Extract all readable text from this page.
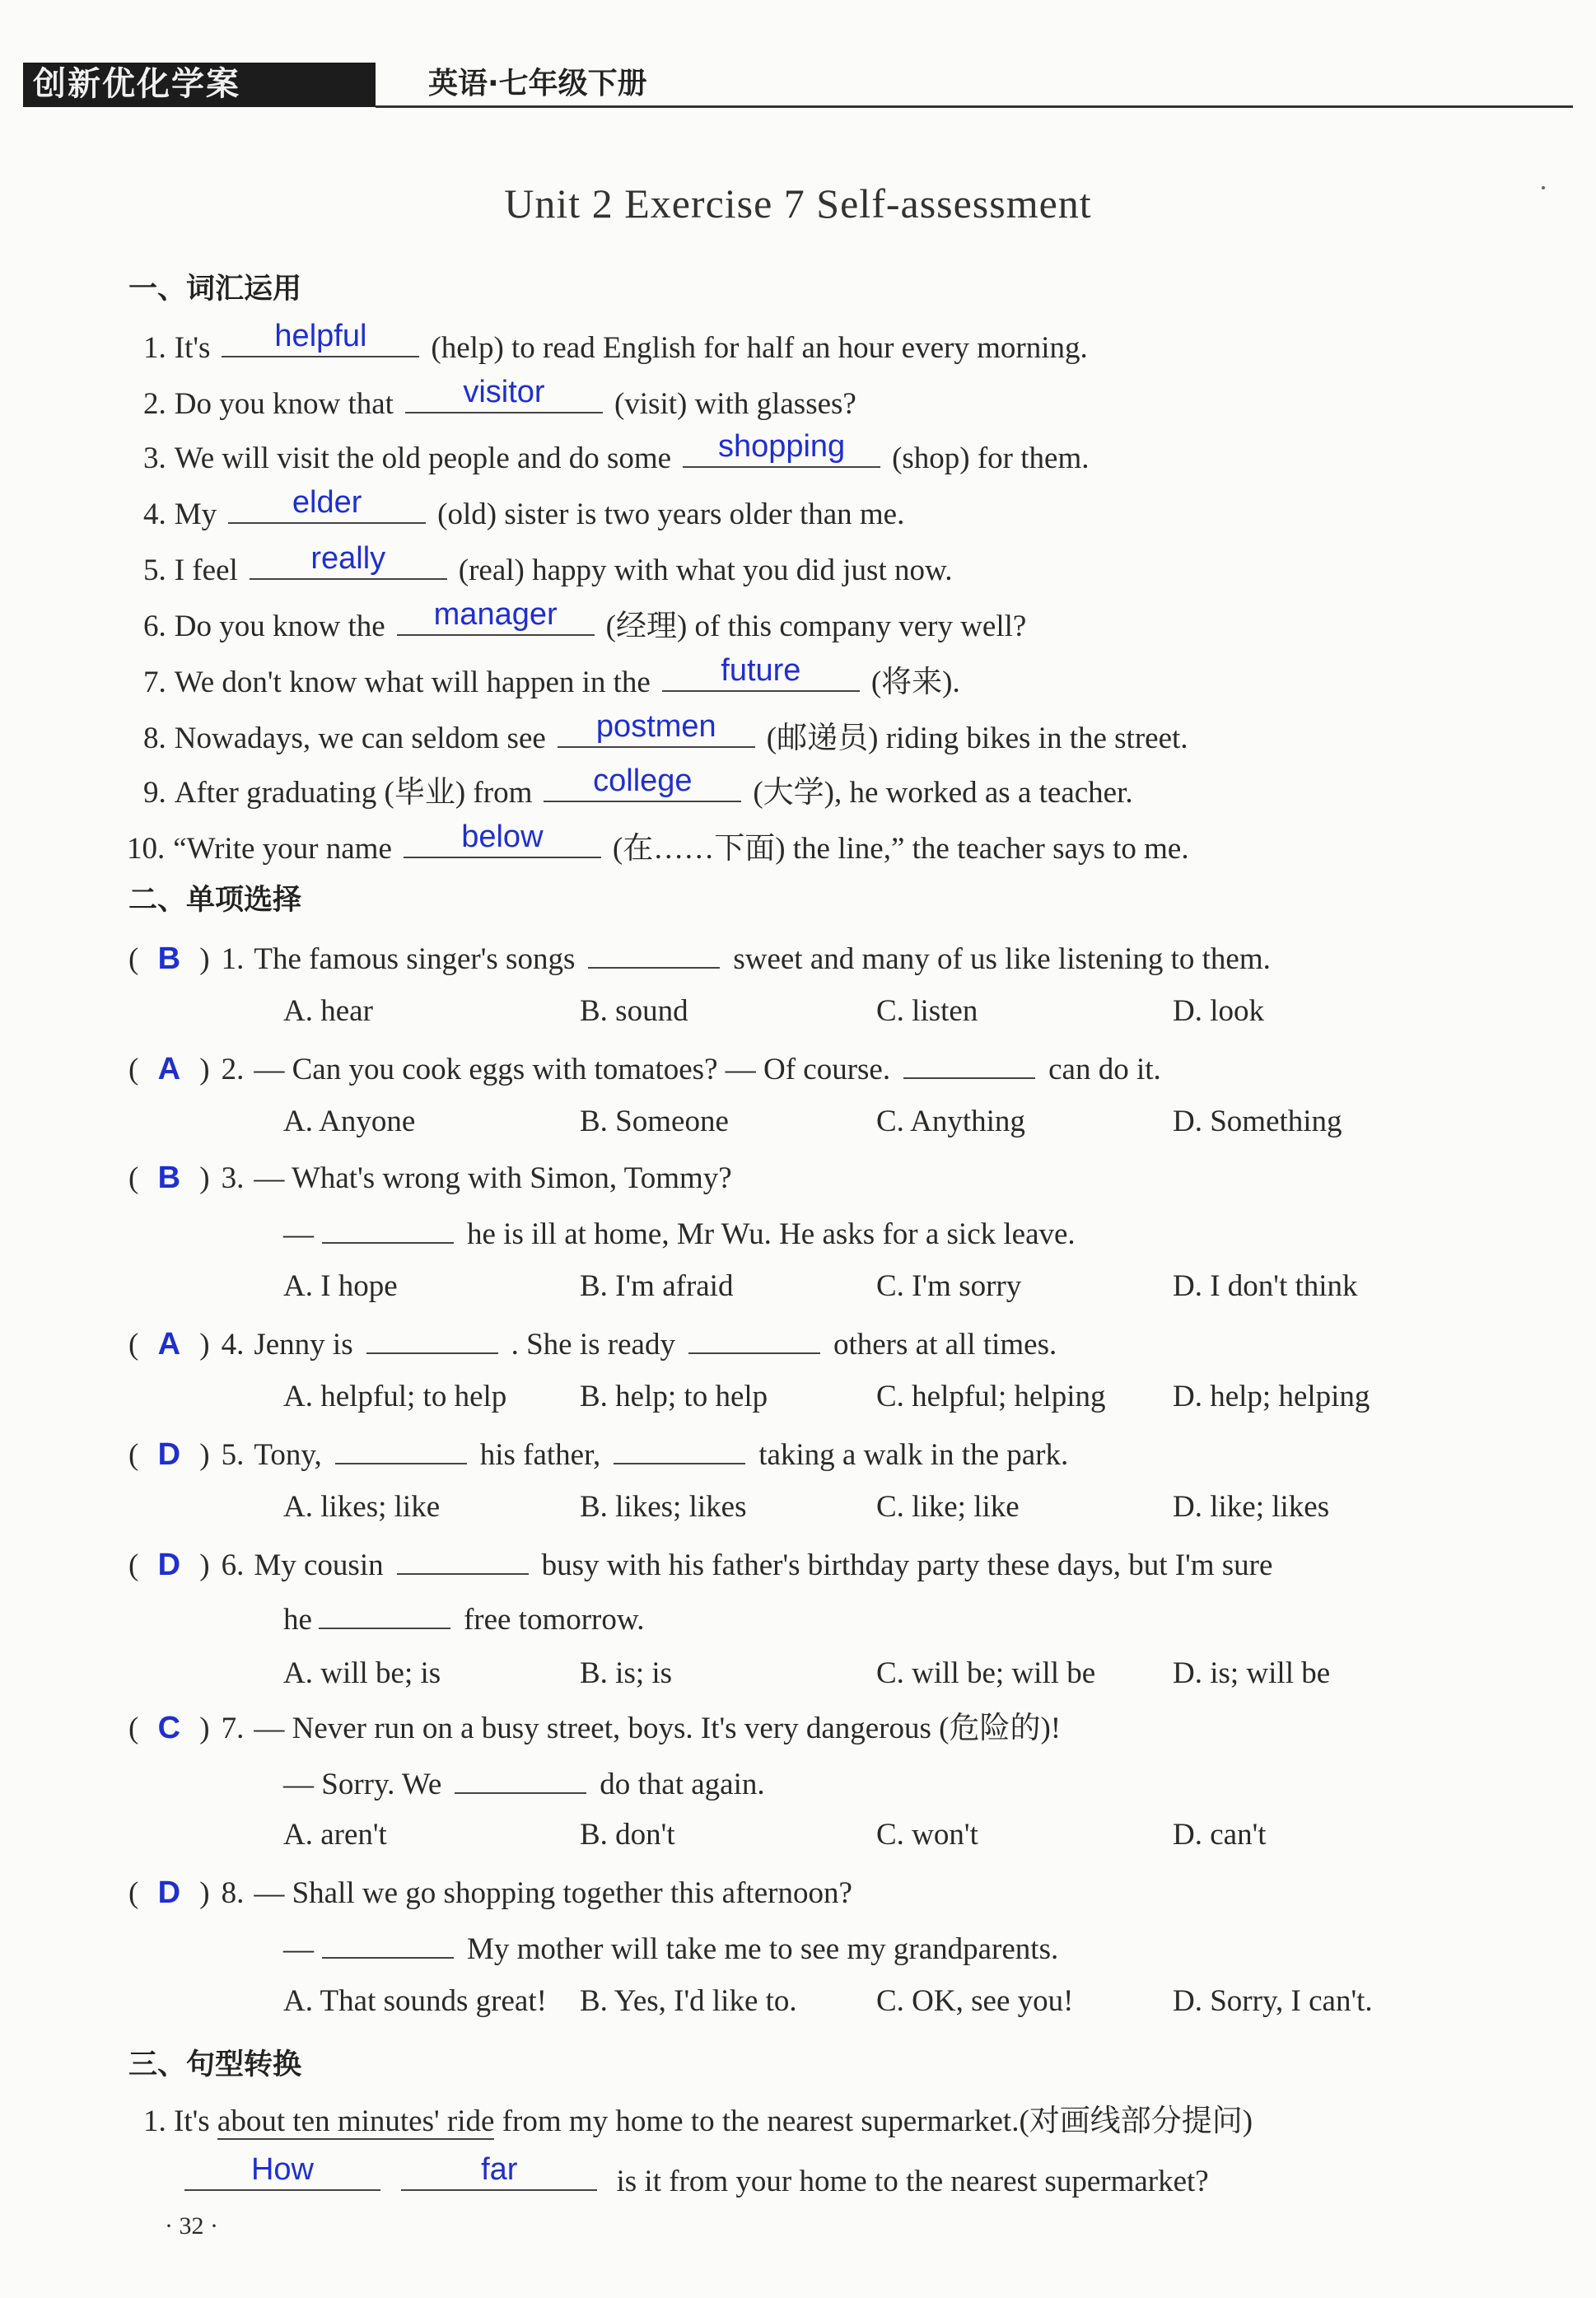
创新优化学案	英语·七年级下册
Unit 2 Exercise 7 Self-assessment
一、词汇运用
1. It's	helpful	(help) to read English for half an hour every morning.
2. Do you know that	visitor	(visit) with glasses?
3. We will visit the old people and do some	shopping	(shop) for them.
4. My	elder	(old) sister is two years older than me.
5. I feel	really	(real) happy with what you did just now.
6. Do you know the	manager	(经理) of this company very well?
7. We don't know what will happen in the	future	(将来).
8. Nowadays, we can seldom see	postmen	(邮递员) riding bikes in the street.
9. After graduating (毕业) from	college	(大学), he worked as a teacher.
10. “Write your name	below	(在……下面) the line,” the teacher says to me.
二、单项选择
( B ) 1. The famous singer's songs	sweet and many of us like listening to them.
A. hear	B. sound	C. listen	D. look
( A ) 2. — Can you cook eggs with tomatoes? — Of course.	can do it.
A. Anyone	B. Someone	C. Anything	D. Something
—	he is ill at home, Mr Wu. He asks for a sick leave.
( B ) 3. — What's wrong with Simon, Tommy?
A. I hope	B. I'm afraid	C. I'm sorry	D. I don't think
( A ) 4. Jenny is	. She is ready	others at all times.
A. helpful; to help B. help; to help	C. helpful; helping D. help; helping
( D ) 5. Tony,	his father,	taking a walk in the park.
A. likes; like	B. likes; likes	C. like; like	D. like; likes
he	free tomorrow.
( D ) 6. My cousin	busy with his father's birthday party these days, but I'm sure
A. will be; is	B. is; is	C. will be; will be	D. is; will be
— Sorry. We	do that again.
( C ) 7. — Never run on a busy street, boys. It's very dangerous (危险的)!
A. aren't	B. don't	C. won't	D. can't
—	My mother will take me to see my grandparents.
( D ) 8. — Shall we go shopping together this afternoon?
A. That sounds great! B. Yes, I'd like to.	C. OK, see you!	D. Sorry, I can't.
三、句型转换
1. It's about ten minutes' ride from my home to the nearest supermarket.(对画线部分提问)
How
	far	is it from your home to the nearest supermarket?
· 32 ·
